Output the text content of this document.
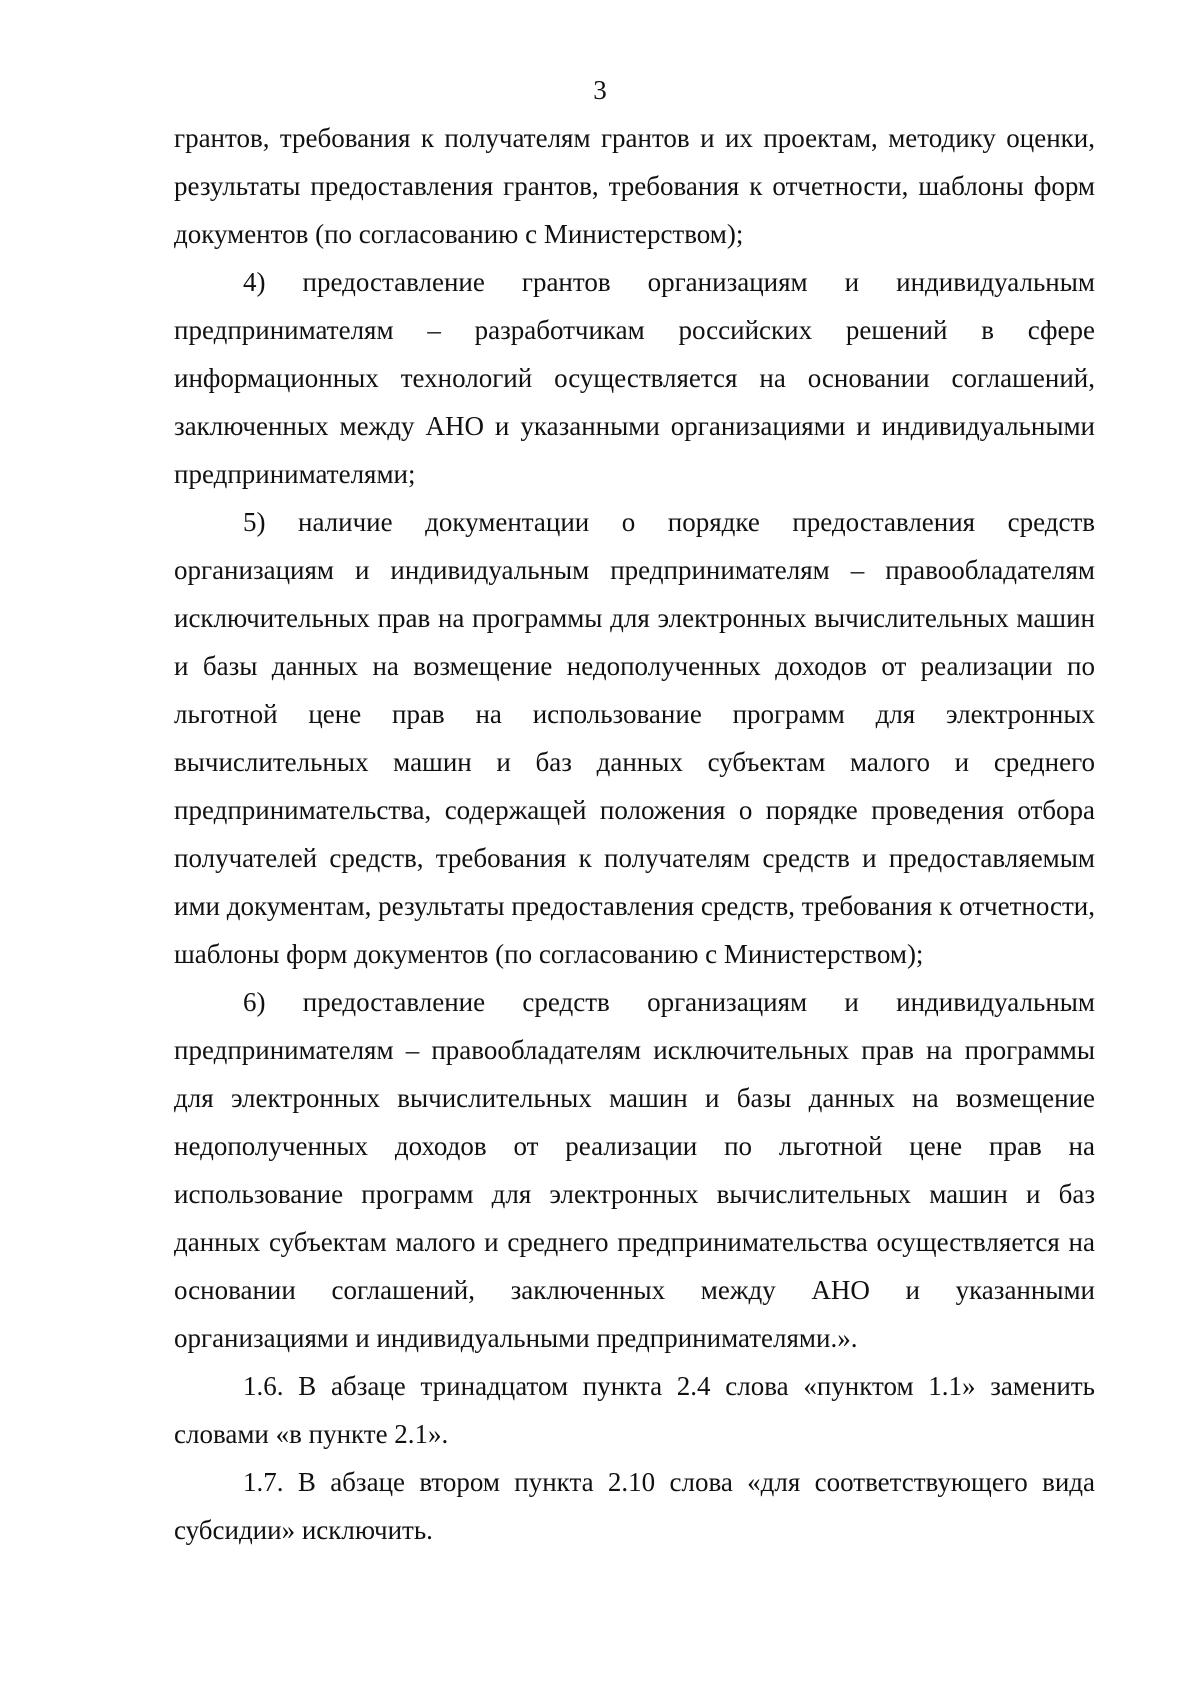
3

грантов, требования к получателям грантов и их проектам, методику оценки, результаты предоставления грантов, требования к отчетности, шаблоны форм документов (по согласованию с Министерством);

4) предоставление грантов организациям и индивидуальным предпринимателям – разработчикам российских решений в сфере информационных технологий осуществляется на основании соглашений, заключенных между АНО и указанными организациями и индивидуальными предпринимателями;

5) наличие документации о порядке предоставления средств организациям и индивидуальным предпринимателям – правообладателям исключительных прав на программы для электронных вычислительных машин и базы данных на возмещение недополученных доходов от реализации по льготной цене прав на использование программ для электронных вычислительных машин и баз данных субъектам малого и среднего предпринимательства, содержащей положения о порядке проведения отбора получателей средств, требования к получателям средств и предоставляемым ими документам, результаты предоставления средств, требования к отчетности, шаблоны форм документов (по согласованию с Министерством);

6) предоставление средств организациям и индивидуальным предпринимателям – правообладателям исключительных прав на программы для электронных вычислительных машин и базы данных на возмещение недополученных доходов от реализации по льготной цене прав на использование программ для электронных вычислительных машин и баз данных субъектам малого и среднего предпринимательства осуществляется на основании соглашений, заключенных между АНО и указанными организациями и индивидуальными предпринимателями.».

1.6. В абзаце тринадцатом пункта 2.4 слова «пунктом 1.1» заменить словами «в пункте 2.1».

1.7. В абзаце втором пункта 2.10 слова «для соответствующего вида субсидии» исключить.
